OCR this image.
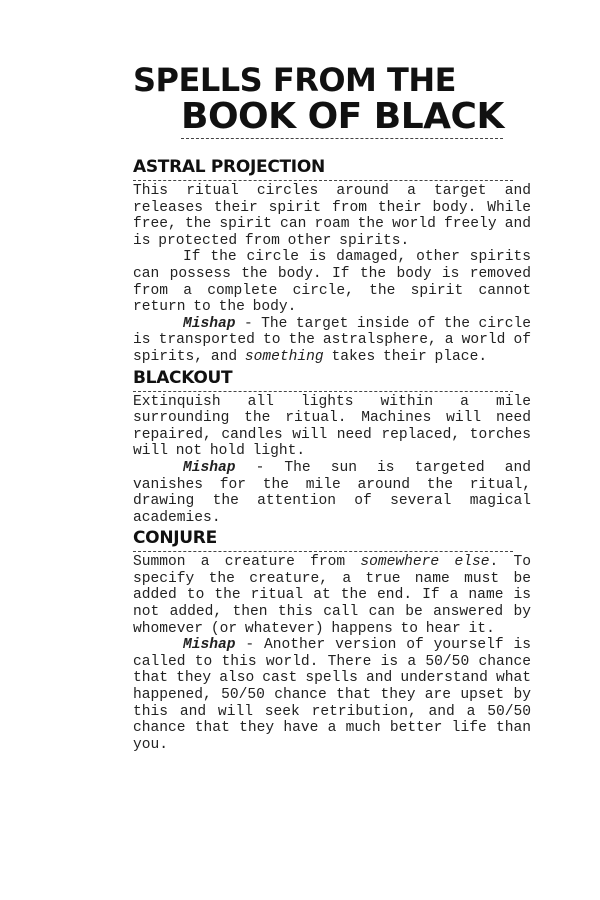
SPELLS FROM THE
BOOK OF BLACK
ASTRAL PROJECTION

This ritual circles around a target and releases their spirit from their body. While free, the spirit can roam the world freely and is protected from other spirits.

If the circle is damaged, other spirits can possess the body. If the body is removed from a complete circle, the spirit cannot return to the body.

Mishap - The target inside of the circle is transported to the astralsphere, a world of spirits, and something takes their place.

BLACKOUT

Extinquish all lights within a mile surrounding the ritual. Machines will need repaired, candles will need replaced, torches will not hold light.

Mishap - The sun is targeted and vanishes for the mile around the ritual, drawing the attention of several magical academies.

CONJURE

Summon a creature from somewhere else. To specify the creature, a true name must be added to the ritual at the end. If a name is not added, then this call can be answered by whomever (or whatever) happens to hear it.

Mishap - Another version of yourself is called to this world. There is a 50/50 chance that they also cast spells and understand what happened, 50/50 chance that they are upset by this and will seek retribution, and a 50/50 chance that they have a much better life than you.
